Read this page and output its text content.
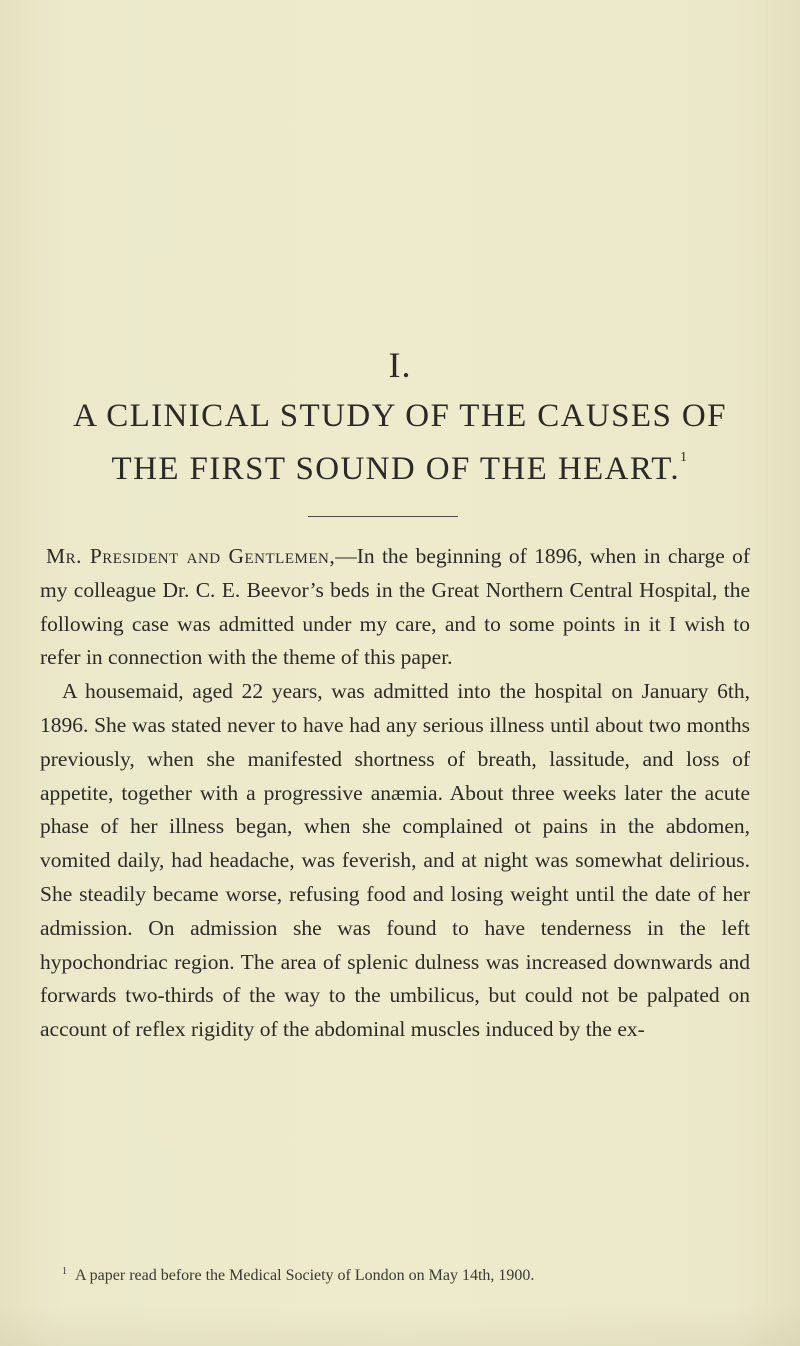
I.
A CLINICAL STUDY OF THE CAUSES OF
THE FIRST SOUND OF THE HEART.$^1$

Mr. President and Gentlemen,—In the beginning of 1896, when in charge of my colleague Dr. C. E. Beevor’s beds in the Great Northern Central Hospital, the following case was admitted under my care, and to some points in it I wish to refer in connection with the theme of this paper.

A housemaid, aged 22 years, was admitted into the hospital on January 6th, 1896. She was stated never to have had any serious illness until about two months previously, when she manifested shortness of breath, lassitude, and loss of appetite, together with a progressive anæmia. About three weeks later the acute phase of her illness began, when she complained ot pains in the abdomen, vomited daily, had headache, was feverish, and at night was somewhat delirious. She steadily became worse, refusing food and losing weight until the date of her admission. On admission she was found to have tenderness in the left hypochondriac region. The area of splenic dulness was increased downwards and forwards two-thirds of the way to the umbilicus, but could not be palpated on account of reflex rigidity of the abdominal muscles induced by the ex-

$^1$ A paper read before the Medical Society of London on May 14th, 1900.
